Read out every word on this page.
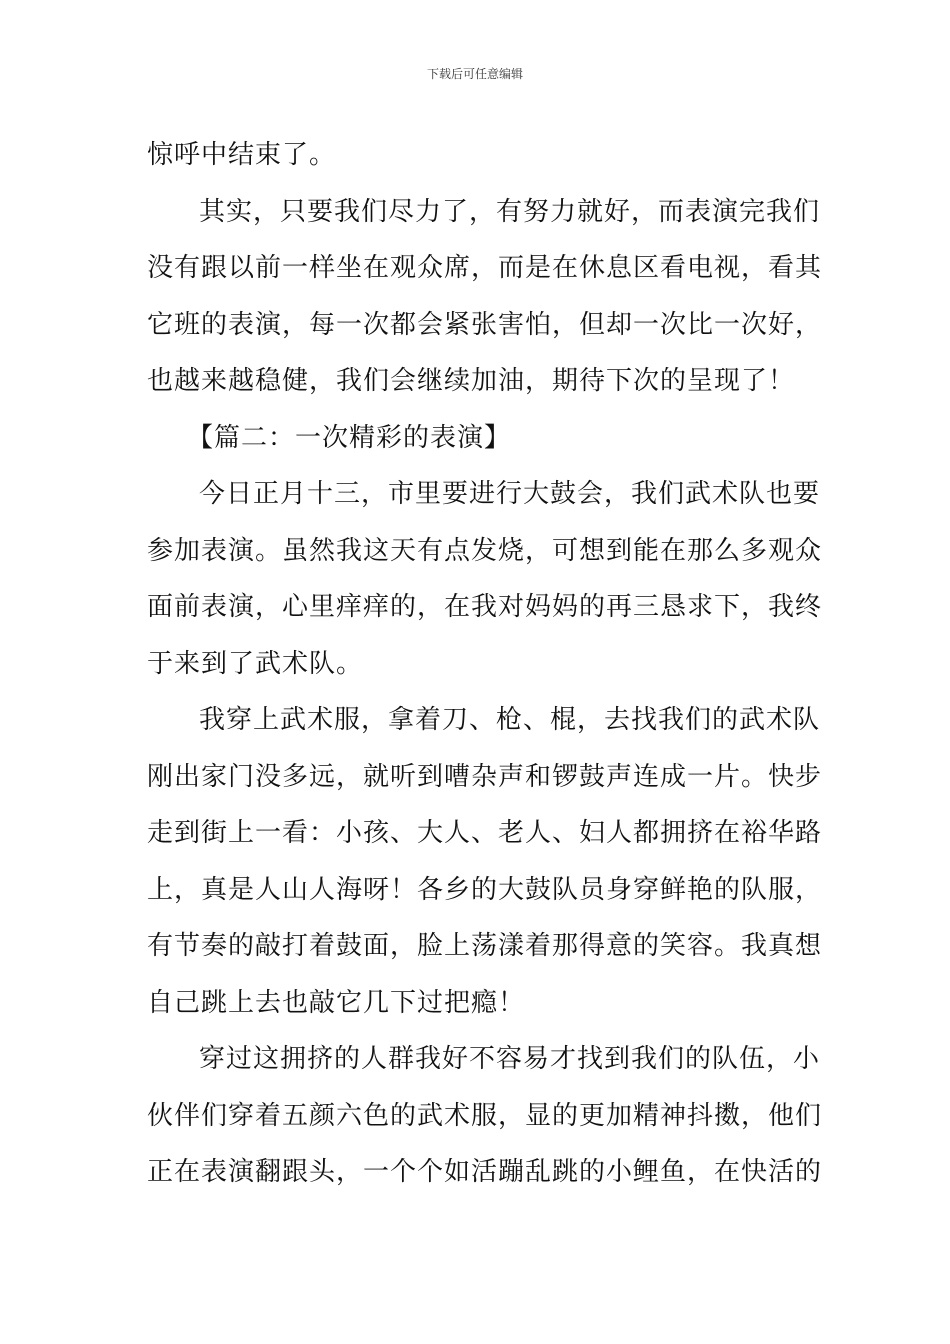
下载后可任意编辑
惊呼中结束了。
其实，只要我们尽力了，有努力就好，而表演完我们
没有跟以前一样坐在观众席，而是在休息区看电视，看其
它班的表演，每一次都会紧张害怕，但却一次比一次好，
也越来越稳健，我们会继续加油，期待下次的呈现了！
【篇二：一次精彩的表演】
今日正月十三，市里要进行大鼓会，我们武术队也要
参加表演。虽然我这天有点发烧，可想到能在那么多观众
面前表演，心里痒痒的，在我对妈妈的再三恳求下，我终
于来到了武术队。
我穿上武术服，拿着刀、枪、棍，去找我们的武术队
刚出家门没多远，就听到嘈杂声和锣鼓声连成一片。快步
走到街上一看：小孩、大人、老人、妇人都拥挤在裕华路
上，真是人山人海呀！各乡的大鼓队员身穿鲜艳的队服，
有节奏的敲打着鼓面，脸上荡漾着那得意的笑容。我真想
自己跳上去也敲它几下过把瘾！
穿过这拥挤的人群我好不容易才找到我们的队伍，小
伙伴们穿着五颜六色的武术服，显的更加精神抖擞，他们
正在表演翻跟头，一个个如活蹦乱跳的小鲤鱼，在快活的
